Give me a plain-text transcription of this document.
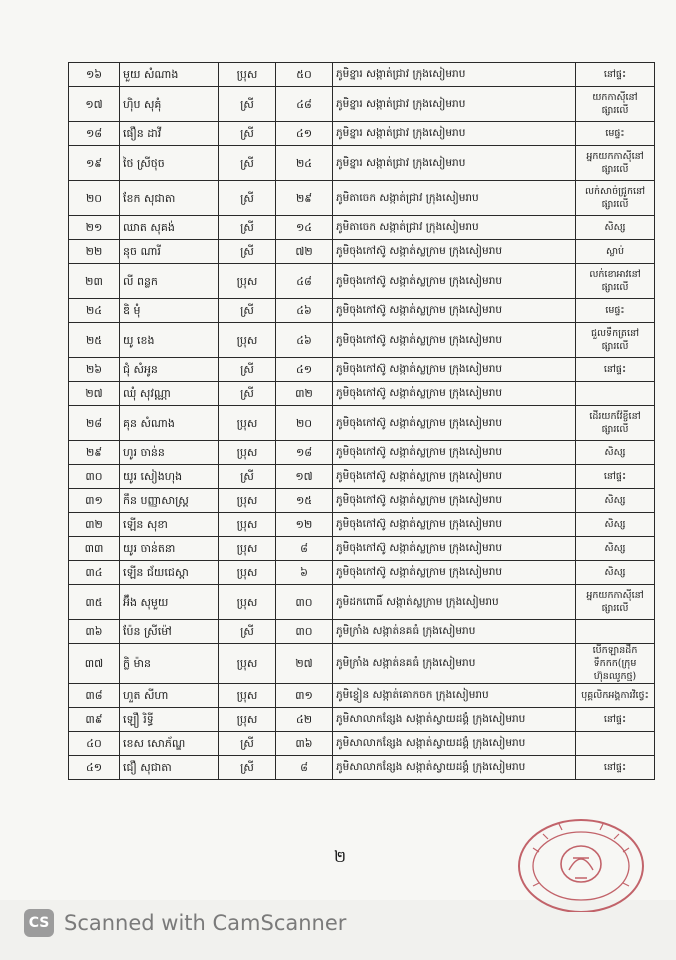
១៦	មួយ សំណាង	ប្រុស	៥០	ភូមិខ្នារ សង្កាត់ជ្រាវ ក្រុងសៀមរាប	នៅផ្ទះ
១៧	ហ៊ិប សុគុំ	ស្រី	៤៨	ភូមិខ្នារ សង្កាត់ជ្រាវ ក្រុងសៀមរាប	យកកាស៊ីនៅផ្សារលើ
១៨	ផឿន ដាវី	ស្រី	៤១	ភូមិខ្នារ សង្កាត់ជ្រាវ ក្រុងសៀមរាប	មេផ្ទះ
១៩	ថៃ ស្រីថុច	ស្រី	២៤	ភូមិខ្នារ សង្កាត់ជ្រាវ ក្រុងសៀមរាប	អ្នកយកកាស៊ីនៅផ្សារលើ
២០	ខែក សុជាតា	ស្រី	២៩	ភូមិតាចេក សង្កាត់ជ្រាវ ក្រុងសៀមរាប	លក់សាច់ជ្រូកនៅផ្សារលើ
២១	ឈាត សុគង់	ស្រី	១៤	ភូមិតាចេក សង្កាត់ជ្រាវ ក្រុងសៀមរាប	សិស្ស
២២	នុច ណារី	ស្រី	៧២	ភូមិចុងកៅស៊ូ សង្កាត់ស្លក្រាម ក្រុងសៀមរាប	ស្លាប់
២៣	លី ពន្លក	ប្រុស	៤៨	ភូមិចុងកៅស៊ូ សង្កាត់ស្លក្រាម ក្រុងសៀមរាប	លក់ខោអាវនៅផ្សារលើ
២៤	ឌិ មុំ	ស្រី	៤៦	ភូមិចុងកៅស៊ូ សង្កាត់ស្លក្រាម ក្រុងសៀមរាប	មេផ្ទះ
២៥	យូ ខេង	ប្រុស	៤៦	ភូមិចុងកៅស៊ូ សង្កាត់ស្លក្រាម ក្រុងសៀមរាប	ជួលទឹកត្រនៅផ្សារលើ
២៦	ជុំ សំអូន	ស្រី	៤១	ភូមិចុងកៅស៊ូ សង្កាត់ស្លក្រាម ក្រុងសៀមរាប	នៅផ្ទះ
២៧	ឈុំ សុវណ្ណា	ស្រី	៣២	ភូមិចុងកៅស៊ូ សង្កាត់ស្លក្រាម ក្រុងសៀមរាប	
២៨	គុន សំណាង	ប្រុស	២០	ភូមិចុងកៅស៊ូ សង្កាត់ស្លក្រាម ក្រុងសៀមរាប	ដើរយកវ៉ែខ្ចីនៅផ្សារលើ
២៩	ហូរ ចាន់ន	ប្រុស	១៨	ភូមិចុងកៅស៊ូ សង្កាត់ស្លក្រាម ក្រុងសៀមរាប	សិស្ស
៣០	យូរ សៀងហុង	ស្រី	១៧	ភូមិចុងកៅស៊ូ សង្កាត់ស្លក្រាម ក្រុងសៀមរាប	នៅផ្ទះ
៣១	កឹន បញ្ញាសាស្ត្រ	ប្រុស	១៥	ភូមិចុងកៅស៊ូ សង្កាត់ស្លក្រាម ក្រុងសៀមរាប	សិស្ស
៣២	ឡើន សុខា	ប្រុស	១២	ភូមិចុងកៅស៊ូ សង្កាត់ស្លក្រាម ក្រុងសៀមរាប	សិស្ស
៣៣	យូរ ចាន់តនា	ប្រុស	៨	ភូមិចុងកៅស៊ូ សង្កាត់ស្លក្រាម ក្រុងសៀមរាប	សិស្ស
៣៤	ឡើន ជ័យជេស្តា	ប្រុស	៦	ភូមិចុងកៅស៊ូ សង្កាត់ស្លក្រាម ក្រុងសៀមរាប	សិស្ស
៣៥	អ៊ឹង សុមួយ	ប្រុស	៣០	ភូមិដកពោធិ៍ សង្កាត់ស្លក្រាម ក្រុងសៀមរាប	អ្នកយកកាស៊ីនៅផ្សារលើ
៣៦	ប៉ែន ស្រីម៉ៅ	ស្រី	៣០	ភូមិក្រាំង សង្កាត់នគធំ ក្រុងសៀមរាប	
៣៧	ក្លិ ម៉ាន	ប្រុស	២៧	ភូមិក្រាំង សង្កាត់នគធំ ក្រុងសៀមរាប	បើកឡានដឹកទឹកកក(ក្រុមហ៊ុនឈូកថ្ម)
៣៨	ហួត សីហា	ប្រុស	៣១	ភូមិខ្វៀន សង្កាត់គោកចក ក្រុងសៀមរាប	បុគ្គលិកអង្គការវិថ្វេះ
៣៩	ឡឿ រិទ្ធី	ប្រុស	៤២	ភូមិសាលាកន្សែង សង្កាត់ស្វាយដង្គំ ក្រុងសៀមរាប	នៅផ្ទះ
៤០	ខេស សោភ័ណ្ឌ	ស្រី	៣៦	ភូមិសាលាកន្សែង សង្កាត់ស្វាយដង្គំ ក្រុងសៀមរាប	
៤១	ជឿ សុជាតា	ស្រី	៨	ភូមិសាលាកន្សែង សង្កាត់ស្វាយដង្គំ ក្រុងសៀមរាប	នៅផ្ទះ
២
CS Scanned with CamScanner
